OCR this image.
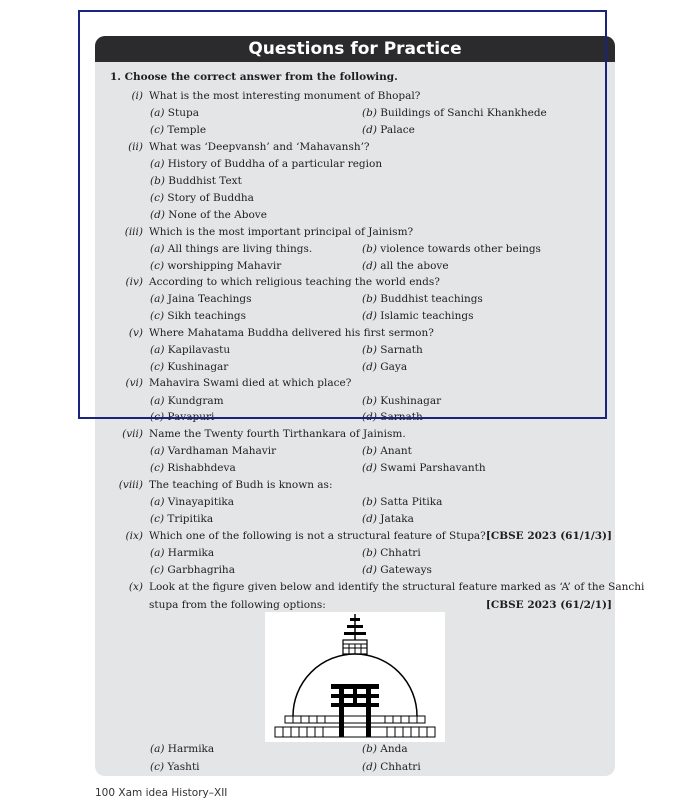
Questions for Practice
1. Choose the correct answer from the following.
(i) What is the most interesting monument of Bhopal?
(a) Stupa	(b) Buildings of Sanchi Khankhede
(c) Temple	(d) Palace
(ii) What was ‘Deepvansh’ and ‘Mahavansh’?
(a) History of Buddha of a particular region
(b) Buddhist Text
(c) Story of Buddha
(d) None of the Above
(iii) Which is the most important principal of Jainism?
(a) All things are living things.	(b) violence towards other beings
(c) worshipping Mahavir	(d) all the above
(iv) According to which religious teaching the world ends?
(a) Jaina Teachings	(b) Buddhist teachings
(c) Sikh teachings	(d) Islamic teachings
(v) Where Mahatama Buddha delivered his first sermon?
(a) Kapilavastu	(b) Sarnath
(c) Kushinagar	(d) Gaya
(vi) Mahavira Swami died at which place?
(a) Kundgram	(b) Kushinagar
(c) Pavapuri	(d) Sarnath
(vii) Name the Twenty fourth Tirthankara of Jainism.
(a) Vardhaman Mahavir	(b) Anant
(c) Rishabhdeva	(d) Swami Parshavanth
(viii) The teaching of Budh is known as:
(a) Vinayapitika	(b) Satta Pitika
(c) Tripitika	(d) Jataka
(ix) Which one of the following is not a structural feature of Stupa? [CBSE 2023 (61/1/3)]
(a) Harmika	(b) Chhatri
(c) Garbhagriha	(d) Gateways
(x) Look at the figure given below and identify the structural feature marked as ‘A’ of the Sanchi
stupa from the following options:	[CBSE 2023 (61/2/1)]
(a) Harmika	(b) Anda
(c) Yashti	(d) Chhatri
100 Xam idea History–XII
